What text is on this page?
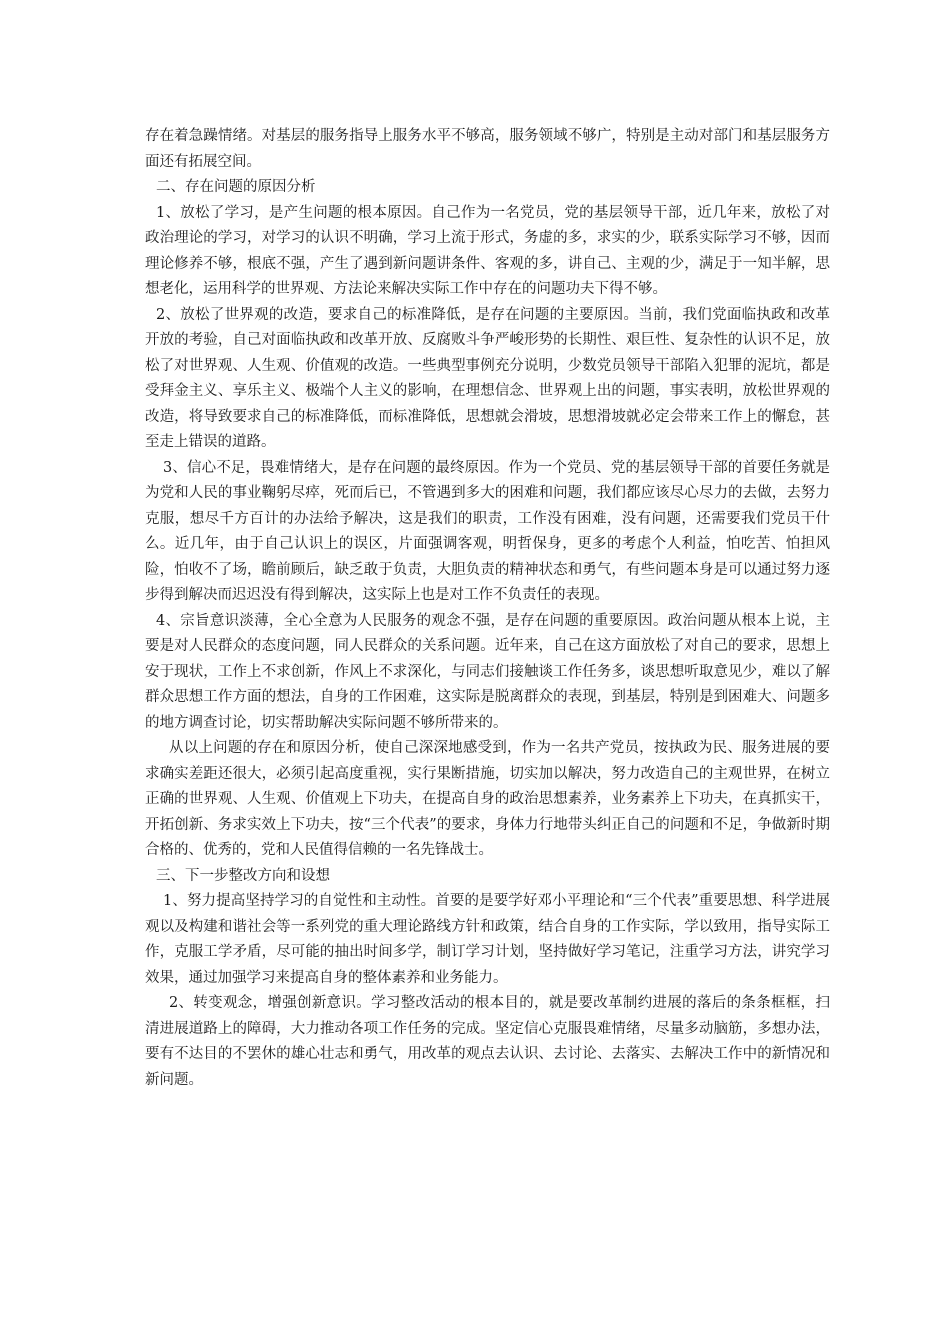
存在着急躁情绪。对基层的服务指导上服务水平不够高，服务领域不够广，特别是主动对部门和基层服务方面还有拓展空间。

二、存在问题的原因分析

1、放松了学习，是产生问题的根本原因。自己作为一名党员，党的基层领导干部，近几年来，放松了对政治理论的学习，对学习的认识不明确，学习上流于形式，务虚的多，求实的少，联系实际学习不够，因而理论修养不够，根底不强，产生了遇到新问题讲条件、客观的多，讲自己、主观的少，满足于一知半解，思想老化，运用科学的世界观、方法论来解决实际工作中存在的问题功夫下得不够。

2、放松了世界观的改造，要求自己的标准降低，是存在问题的主要原因。当前，我们党面临执政和改革开放的考验，自己对面临执政和改革开放、反腐败斗争严峻形势的长期性、艰巨性、复杂性的认识不足，放松了对世界观、人生观、价值观的改造。一些典型事例充分说明，少数党员领导干部陷入犯罪的泥坑，都是受拜金主义、享乐主义、极端个人主义的影响，在理想信念、世界观上出的问题，事实表明，放松世界观的改造，将导致要求自己的标准降低，而标准降低，思想就会滑坡，思想滑坡就必定会带来工作上的懈怠，甚至走上错误的道路。

3、信心不足，畏难情绪大，是存在问题的最终原因。作为一个党员、党的基层领导干部的首要任务就是为党和人民的事业鞠躬尽瘁，死而后已，不管遇到多大的困难和问题，我们都应该尽心尽力的去做，去努力克服，想尽千方百计的办法给予解决，这是我们的职责，工作没有困难，没有问题，还需要我们党员干什么。近几年，由于自己认识上的误区，片面强调客观，明哲保身，更多的考虑个人利益，怕吃苦、怕担风险，怕收不了场，瞻前顾后，缺乏敢于负责，大胆负责的精神状态和勇气，有些问题本身是可以通过努力逐步得到解决而迟迟没有得到解决，这实际上也是对工作不负责任的表现。

4、宗旨意识淡薄，全心全意为人民服务的观念不强，是存在问题的重要原因。政治问题从根本上说，主要是对人民群众的态度问题，同人民群众的关系问题。近年来，自己在这方面放松了对自己的要求，思想上安于现状，工作上不求创新，作风上不求深化，与同志们接触谈工作任务多，谈思想听取意见少，难以了解群众思想工作方面的想法，自身的工作困难，这实际是脱离群众的表现，到基层，特别是到困难大、问题多的地方调查讨论，切实帮助解决实际问题不够所带来的。

从以上问题的存在和原因分析，使自己深深地感受到，作为一名共产党员，按执政为民、服务进展的要求确实差距还很大，必须引起高度重视，实行果断措施，切实加以解决，努力改造自己的主观世界，在树立正确的世界观、人生观、价值观上下功夫，在提高自身的政治思想素养，业务素养上下功夫，在真抓实干，开拓创新、务求实效上下功夫，按“三个代表”的要求，身体力行地带头纠正自己的问题和不足，争做新时期合格的、优秀的，党和人民值得信赖的一名先锋战士。

三、下一步整改方向和设想

1、努力提高坚持学习的自觉性和主动性。首要的是要学好邓小平理论和“三个代表”重要思想、科学进展观以及构建和谐社会等一系列党的重大理论路线方针和政策，结合自身的工作实际，学以致用，指导实际工作，克服工学矛盾，尽可能的抽出时间多学，制订学习计划，坚持做好学习笔记，注重学习方法，讲究学习效果，通过加强学习来提高自身的整体素养和业务能力。

2、转变观念，增强创新意识。学习整改活动的根本目的，就是要改革制约进展的落后的条条框框，扫清进展道路上的障碍，大力推动各项工作任务的完成。坚定信心克服畏难情绪，尽量多动脑筋，多想办法，要有不达目的不罢休的雄心壮志和勇气，用改革的观点去认识、去讨论、去落实、去解决工作中的新情况和新问题。
